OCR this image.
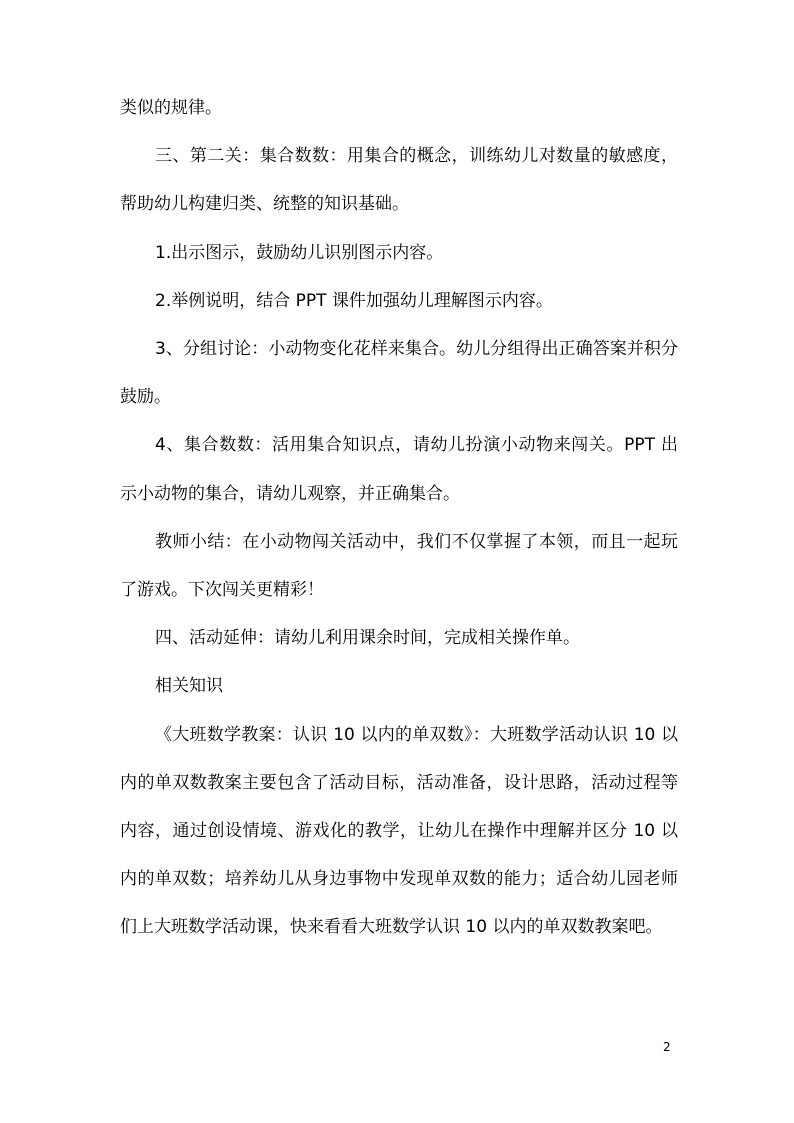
类似的规律。

三、第二关：集合数数：用集合的概念，训练幼儿对数量的敏感度，帮助幼儿构建归类、统整的知识基础。

1.出示图示，鼓励幼儿识别图示内容。

2.举例说明，结合 PPT 课件加强幼儿理解图示内容。

3、分组讨论：小动物变化花样来集合。幼儿分组得出正确答案并积分鼓励。

4、集合数数：活用集合知识点，请幼儿扮演小动物来闯关。PPT 出示小动物的集合，请幼儿观察，并正确集合。

教师小结：在小动物闯关活动中，我们不仅掌握了本领，而且一起玩了游戏。下次闯关更精彩！

四、活动延伸：请幼儿利用课余时间，完成相关操作单。

相关知识

《大班数学教案：认识 10 以内的单双数》：大班数学活动认识 10 以内的单双数教案主要包含了活动目标，活动准备，设计思路，活动过程等内容，通过创设情境、游戏化的教学，让幼儿在操作中理解并区分 10 以内的单双数；培养幼儿从身边事物中发现单双数的能力；适合幼儿园老师们上大班数学活动课，快来看看大班数学认识 10 以内的单双数教案吧。

2
